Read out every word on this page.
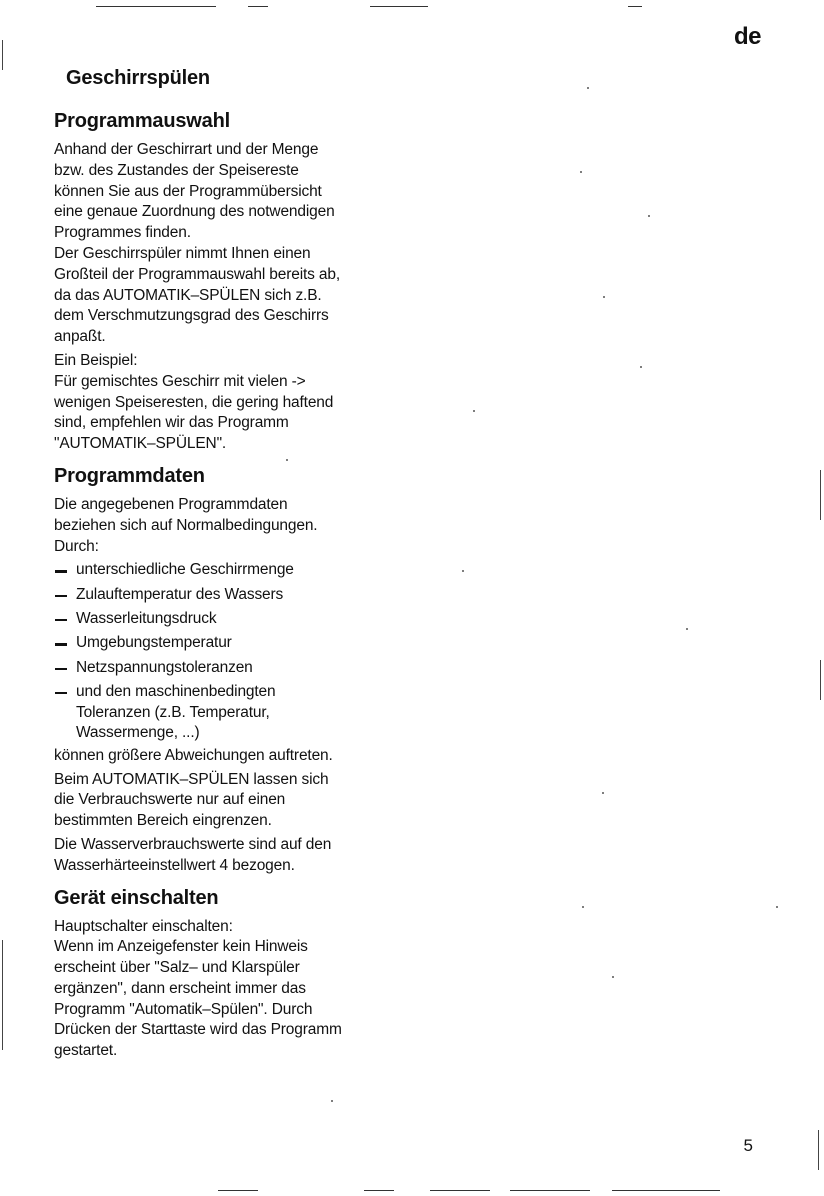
de
Geschirrspülen
Programmauswahl
Anhand der Geschirrart und der Menge
bzw. des Zustandes der Speisereste
können Sie aus der Programmübersicht
eine genaue Zuordnung des notwendigen
Programmes finden.
Der Geschirrspüler nimmt Ihnen einen
Großteil der Programmauswahl bereits ab,
da das AUTOMATIK–SPÜLEN sich z.B.
dem Verschmutzungsgrad des Geschirrs
anpaßt.
Ein Beispiel:
Für gemischtes Geschirr mit vielen ->
wenigen Speiseresten, die gering haftend
sind, empfehlen wir das Programm
"AUTOMATIK–SPÜLEN".
Programmdaten
Die angegebenen Programmdaten
beziehen sich auf Normalbedingungen.
Durch:
unterschiedliche Geschirrmenge
Zulauftemperatur des Wassers
Wasserleitungsdruck
Umgebungstemperatur
Netzspannungstoleranzen
und den maschinenbedingten
Toleranzen (z.B. Temperatur,
Wassermenge, ...)
können größere Abweichungen auftreten.
Beim AUTOMATIK–SPÜLEN lassen sich
die Verbrauchswerte nur auf einen
bestimmten Bereich eingrenzen.
Die Wasserverbrauchswerte sind auf den
Wasserhärteeinstellwert 4 bezogen.
Gerät einschalten
Hauptschalter einschalten:
Wenn im Anzeigefenster kein Hinweis
erscheint über "Salz– und Klarspüler
ergänzen", dann erscheint immer das
Programm "Automatik–Spülen". Durch
Drücken der Starttaste wird das Programm
gestartet.
5
